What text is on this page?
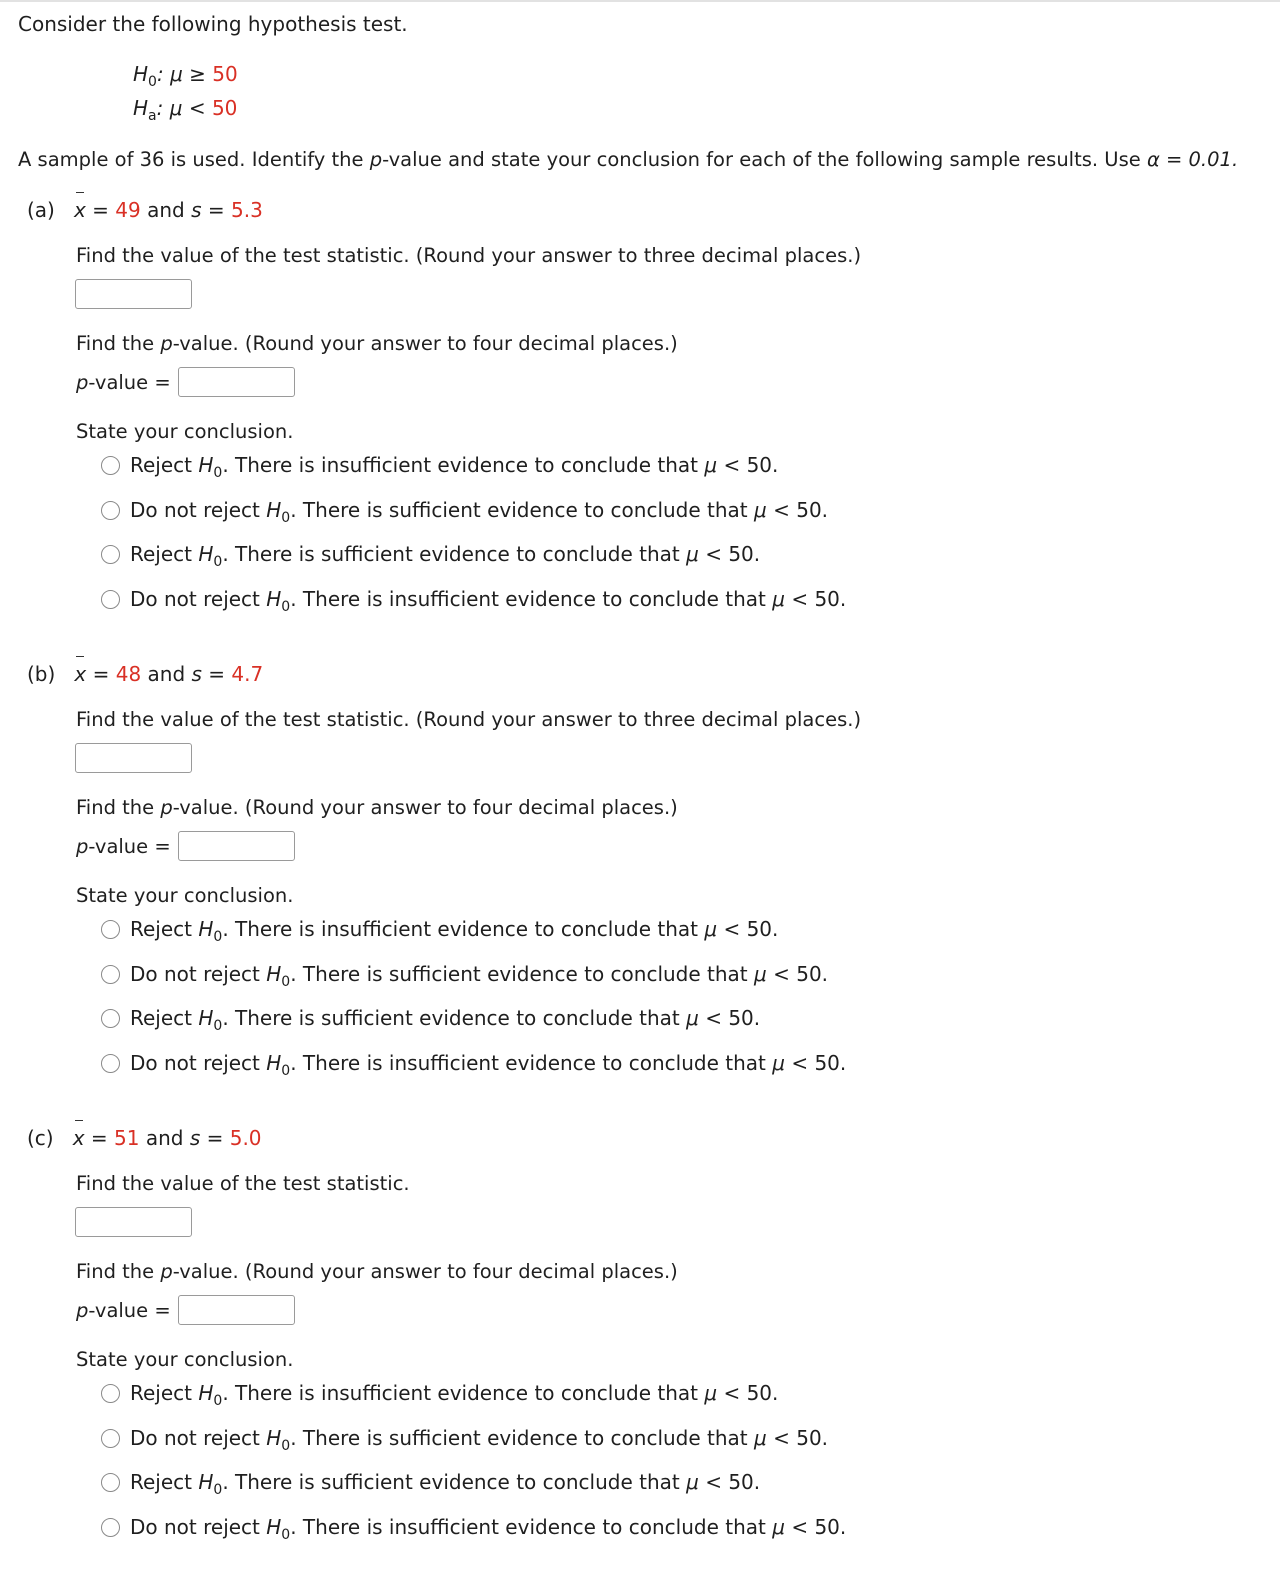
Consider the following hypothesis test.
$H_0$: μ ≥ 50
$H_a$: μ < 50
A sample of 36 is used. Identify the p-value and state your conclusion for each of the following sample results. Use α = 0.01.
(a) x = 49 and s = 5.3
Find the value of the test statistic. (Round your answer to three decimal places.)
Find the p-value. (Round your answer to four decimal places.)
p-value =
State your conclusion.
Reject $H_0$. There is insufficient evidence to conclude that μ < 50.
Do not reject $H_0$. There is sufficient evidence to conclude that μ < 50.
Reject $H_0$. There is sufficient evidence to conclude that μ < 50.
Do not reject $H_0$. There is insufficient evidence to conclude that μ < 50.
(b) x = 48 and s = 4.7
Find the value of the test statistic. (Round your answer to three decimal places.)
Find the p-value. (Round your answer to four decimal places.)
p-value =
State your conclusion.
Reject $H_0$. There is insufficient evidence to conclude that μ < 50.
Do not reject $H_0$. There is sufficient evidence to conclude that μ < 50.
Reject $H_0$. There is sufficient evidence to conclude that μ < 50.
Do not reject $H_0$. There is insufficient evidence to conclude that μ < 50.
(c) x = 51 and s = 5.0
Find the value of the test statistic.
Find the p-value. (Round your answer to four decimal places.)
p-value =
State your conclusion.
Reject $H_0$. There is insufficient evidence to conclude that μ < 50.
Do not reject $H_0$. There is sufficient evidence to conclude that μ < 50.
Reject $H_0$. There is sufficient evidence to conclude that μ < 50.
Do not reject $H_0$. There is insufficient evidence to conclude that μ < 50.
